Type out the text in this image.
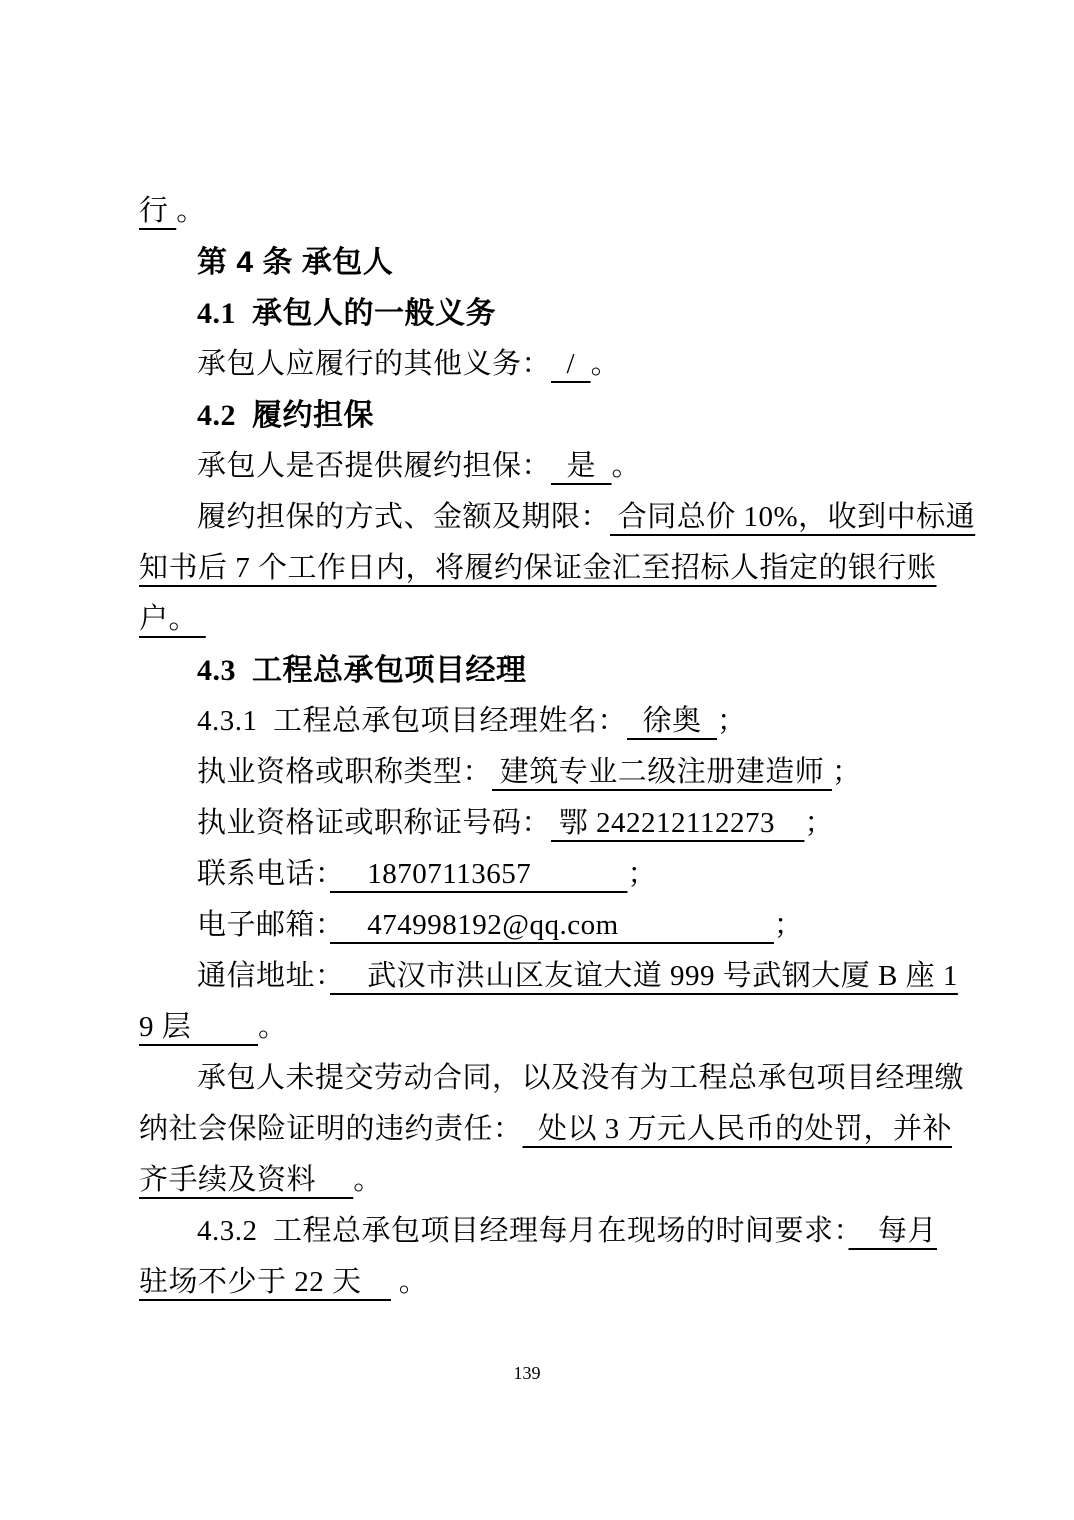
行 。
第 4 条 承包人
4.1  承包人的一般义务
承包人应履行的其他义务：  /  。
4.2  履约担保
承包人是否提供履约担保：  是  。
履约担保的方式、金额及期限： 合同总价 10%，收到中标通
知书后 7 个工作日内，将履约保证金汇至招标人指定的银行账
户。
4.3  工程总承包项目经理
4.3.1  工程总承包项目经理姓名：  徐奥  ；
执业资格或职称类型： 建筑专业二级注册建造师 ；
执业资格证或职称证号码： 鄂 242212112273　；
联系电话：　 18707113657　　　 ；
电子邮箱：　 474998192@qq.com　　　　　 ；
通信地址：　 武汉市洪山区友谊大道 999 号武钢大厦 B 座 1
9 层　　 。
承包人未提交劳动合同，以及没有为工程总承包项目经理缴
纳社会保险证明的违约责任：  处以 3 万元人民币的处罚，并补
齐手续及资料　 。
4.3.2  工程总承包项目经理每月在现场的时间要求：　每月
驻场不少于 22 天　 。
139
